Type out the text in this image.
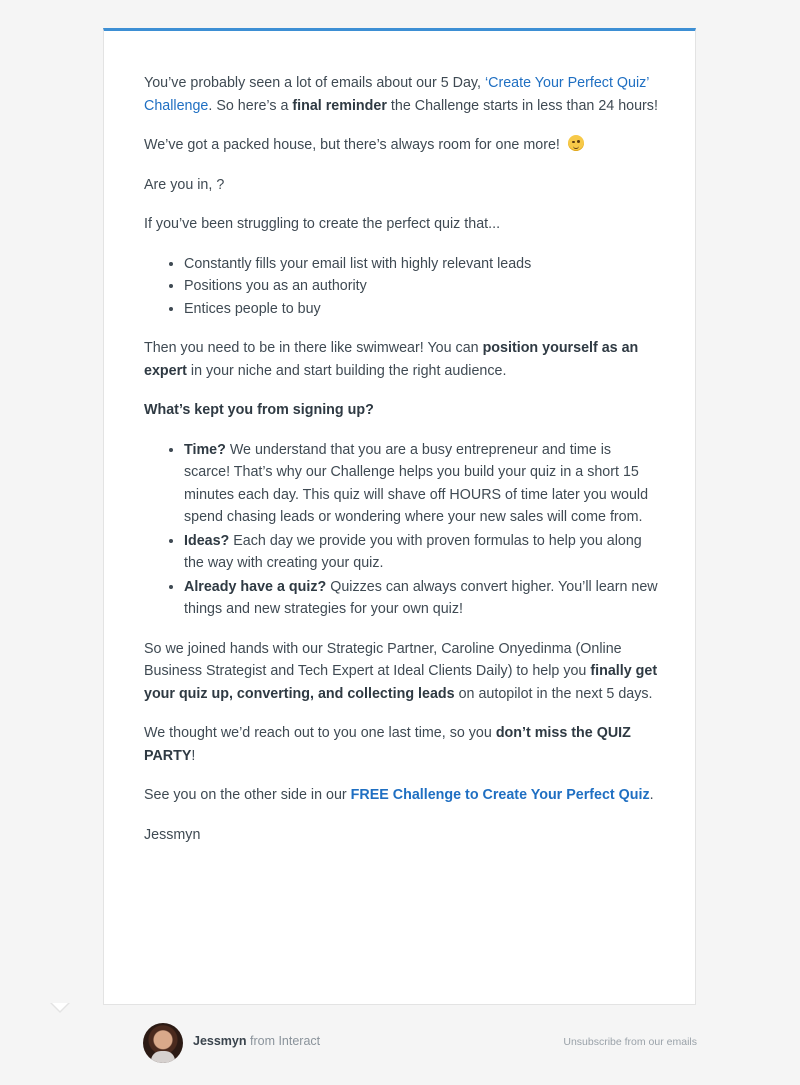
You’ve probably seen a lot of emails about our 5 Day, ‘Create Your Perfect Quiz’ Challenge. So here’s a final reminder the Challenge starts in less than 24 hours!

We’ve got a packed house, but there’s always room for one more!

Are you in, ?

If you’ve been struggling to create the perfect quiz that...

• Constantly fills your email list with highly relevant leads
• Positions you as an authority
• Entices people to buy

Then you need to be in there like swimwear! You can position yourself as an expert in your niche and start building the right audience.

What’s kept you from signing up?

• Time? We understand that you are a busy entrepreneur and time is scarce! That’s why our Challenge helps you build your quiz in a short 15 minutes each day. This quiz will shave off HOURS of time later you would spend chasing leads or wondering where your new sales will come from.
• Ideas? Each day we provide you with proven formulas to help you along the way with creating your quiz.
• Already have a quiz? Quizzes can always convert higher. You’ll learn new things and new strategies for your own quiz!

So we joined hands with our Strategic Partner, Caroline Onyedinma (Online Business Strategist and Tech Expert at Ideal Clients Daily) to help you finally get your quiz up, converting, and collecting leads on autopilot in the next 5 days.

We thought we’d reach out to you one last time, so you don’t miss the QUIZ PARTY!

See you on the other side in our FREE Challenge to Create Your Perfect Quiz.

Jessmyn

Jessmyn from Interact	Unsubscribe from our emails
